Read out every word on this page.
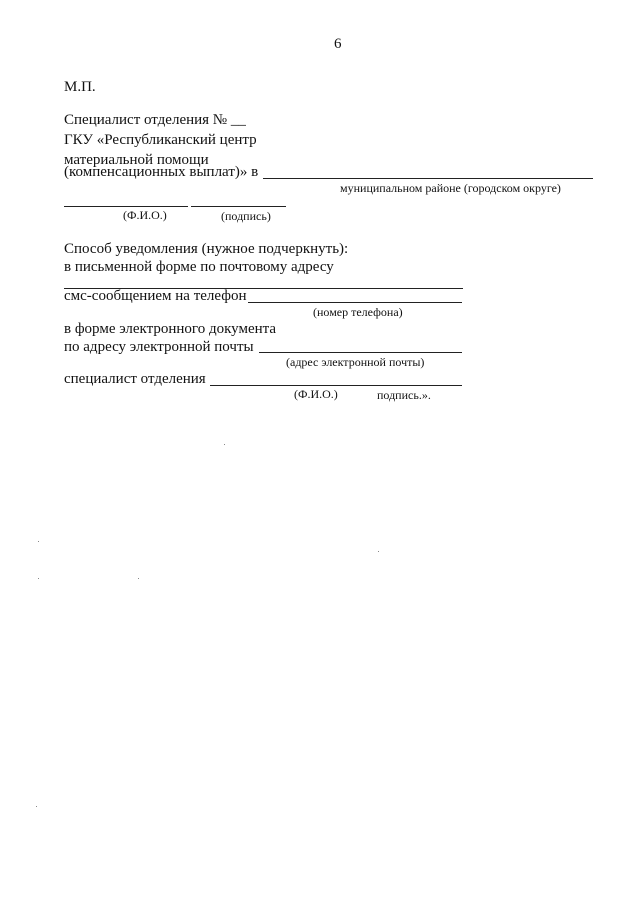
6
М.П.
Специалист отделения № __
ГКУ «Республиканский центр
материальной помощи
(компенсационных выплат)» в
муниципальном районе (городском округе)
(Ф.И.О.)	(подпись)
Способ уведомления (нужное подчеркнуть):
в письменной форме по почтовому адресу
смс-сообщением на телефон
(номер телефона)
в форме электронного документа
по адресу электронной почты
(адрес электронной почты)
специалист отделения
(Ф.И.О.)	подпись.».
